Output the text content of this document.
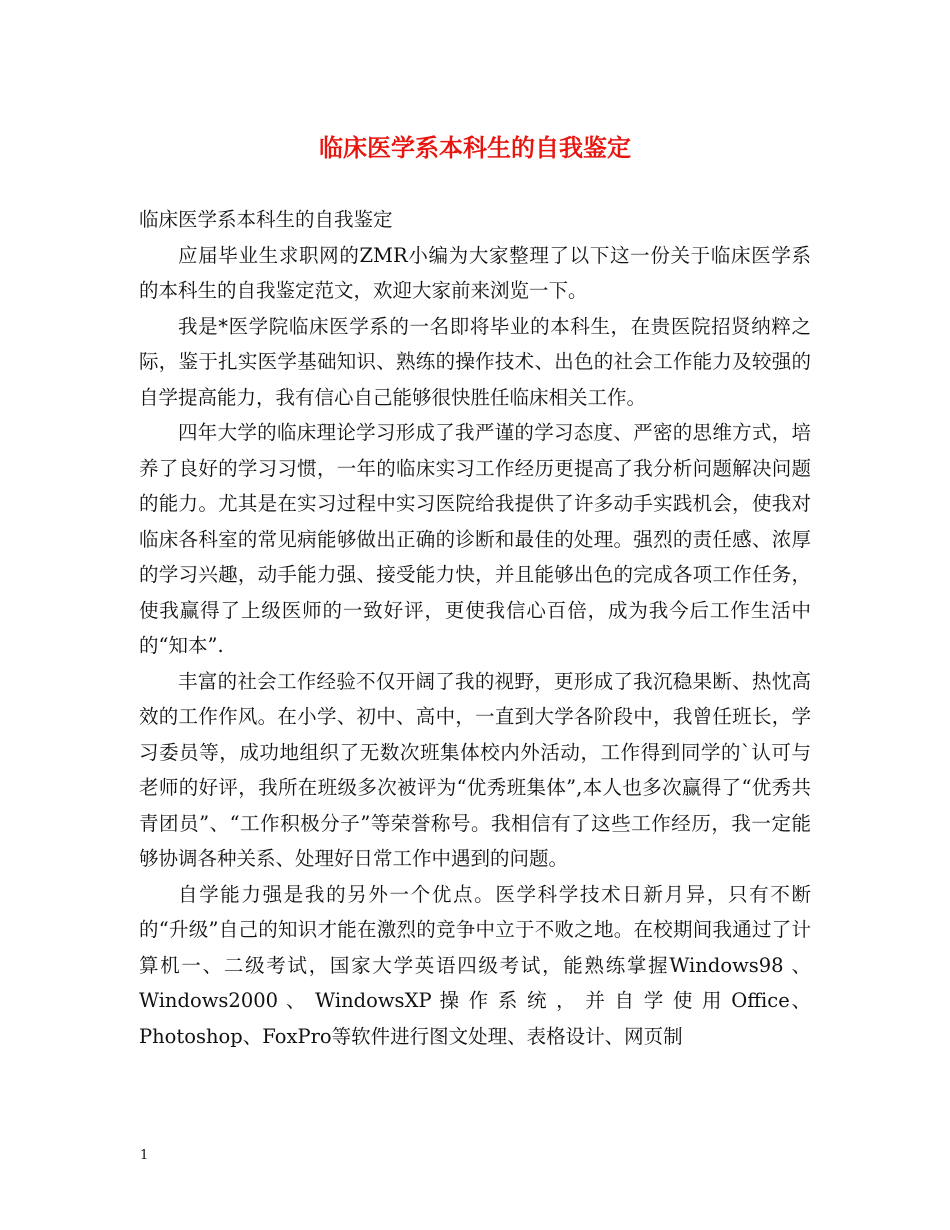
临床医学系本科生的自我鉴定

临床医学系本科生的自我鉴定

应届毕业生求职网的ZMR小编为大家整理了以下这一份关于临床医学系的本科生的自我鉴定范文，欢迎大家前来浏览一下。

我是*医学院临床医学系的一名即将毕业的本科生，在贵医院招贤纳粹之际，鉴于扎实医学基础知识、熟练的操作技术、出色的社会工作能力及较强的自学提高能力，我有信心自己能够很快胜任临床相关工作。

四年大学的临床理论学习形成了我严谨的学习态度、严密的思维方式，培养了良好的学习习惯，一年的临床实习工作经历更提高了我分析问题解决问题的能力。尤其是在实习过程中实习医院给我提供了许多动手实践机会，使我对临床各科室的常见病能够做出正确的诊断和最佳的处理。强烈的责任感、浓厚的学习兴趣，动手能力强、接受能力快，并且能够出色的完成各项工作任务，使我赢得了上级医师的一致好评，更使我信心百倍，成为我今后工作生活中的“知本”.

丰富的社会工作经验不仅开阔了我的视野，更形成了我沉稳果断、热忱高效的工作作风。在小学、初中、高中，一直到大学各阶段中，我曾任班长，学习委员等，成功地组织了无数次班集体校内外活动，工作得到同学的`认可与老师的好评，我所在班级多次被评为“优秀班集体”,本人也多次赢得了“优秀共青团员”、“工作积极分子”等荣誉称号。我相信有了这些工作经历，我一定能够协调各种关系、处理好日常工作中遇到的问题。

自学能力强是我的另外一个优点。医学科学技术日新月异，只有不断的“升级”自己的知识才能在激烈的竞争中立于不败之地。在校期间我通过了计算机一、二级考试，国家大学英语四级考试，能熟练掌握Windows98 、 Windows2000 、 WindowsXP 操 作 系 统 ， 并 自 学 使 用 Office、Photoshop、FoxPro等软件进行图文处理、表格设计、网页制

1
